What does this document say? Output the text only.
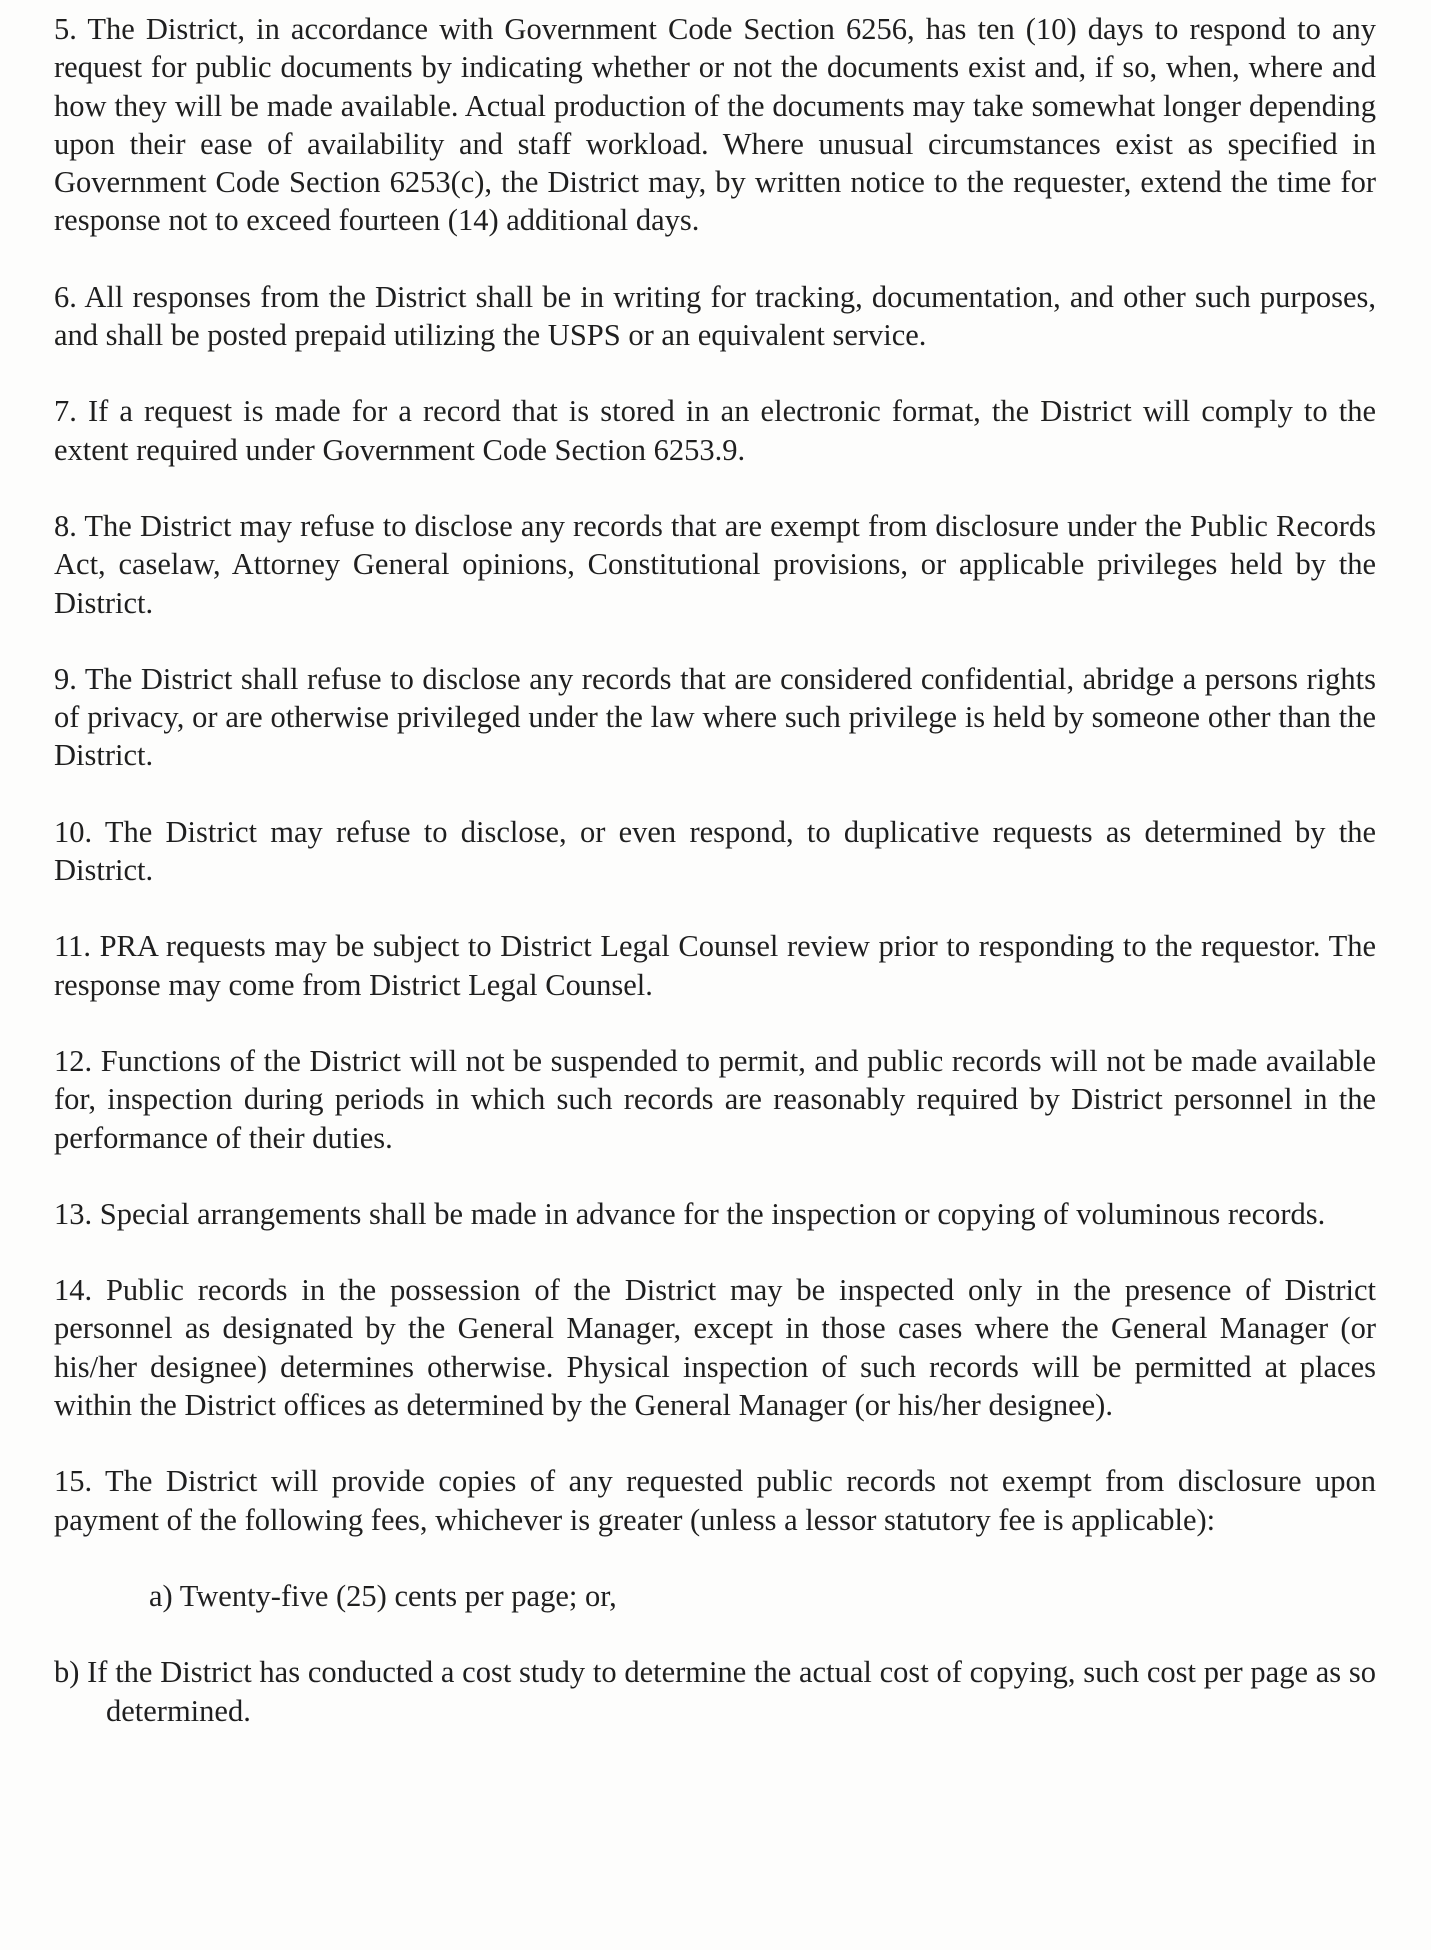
5. The District, in accordance with Government Code Section 6256, has ten (10) days to respond to any request for public documents by indicating whether or not the documents exist and, if so, when, where and how they will be made available. Actual production of the documents may take somewhat longer depending upon their ease of availability and staff workload. Where unusual circumstances exist as specified in Government Code Section 6253(c), the District may, by written notice to the requester, extend the time for response not to exceed fourteen (14) additional days.

6. All responses from the District shall be in writing for tracking, documentation, and other such purposes, and shall be posted prepaid utilizing the USPS or an equivalent service.

7. If a request is made for a record that is stored in an electronic format, the District will comply to the extent required under Government Code Section 6253.9.

8. The District may refuse to disclose any records that are exempt from disclosure under the Public Records Act, caselaw, Attorney General opinions, Constitutional provisions, or applicable privileges held by the District.

9. The District shall refuse to disclose any records that are considered confidential, abridge a persons rights of privacy, or are otherwise privileged under the law where such privilege is held by someone other than the District.

10. The District may refuse to disclose, or even respond, to duplicative requests as determined by the District.

11. PRA requests may be subject to District Legal Counsel review prior to responding to the requestor. The response may come from District Legal Counsel.

12. Functions of the District will not be suspended to permit, and public records will not be made available for, inspection during periods in which such records are reasonably required by District personnel in the performance of their duties.

13. Special arrangements shall be made in advance for the inspection or copying of voluminous records.

14. Public records in the possession of the District may be inspected only in the presence of District personnel as designated by the General Manager, except in those cases where the General Manager (or his/her designee) determines otherwise. Physical inspection of such records will be permitted at places within the District offices as determined by the General Manager (or his/her designee).

15. The District will provide copies of any requested public records not exempt from disclosure upon payment of the following fees, whichever is greater (unless a lessor statutory fee is applicable):

a) Twenty-five (25) cents per page; or,

b) If the District has conducted a cost study to determine the actual cost of copying, such cost per page as so determined.
